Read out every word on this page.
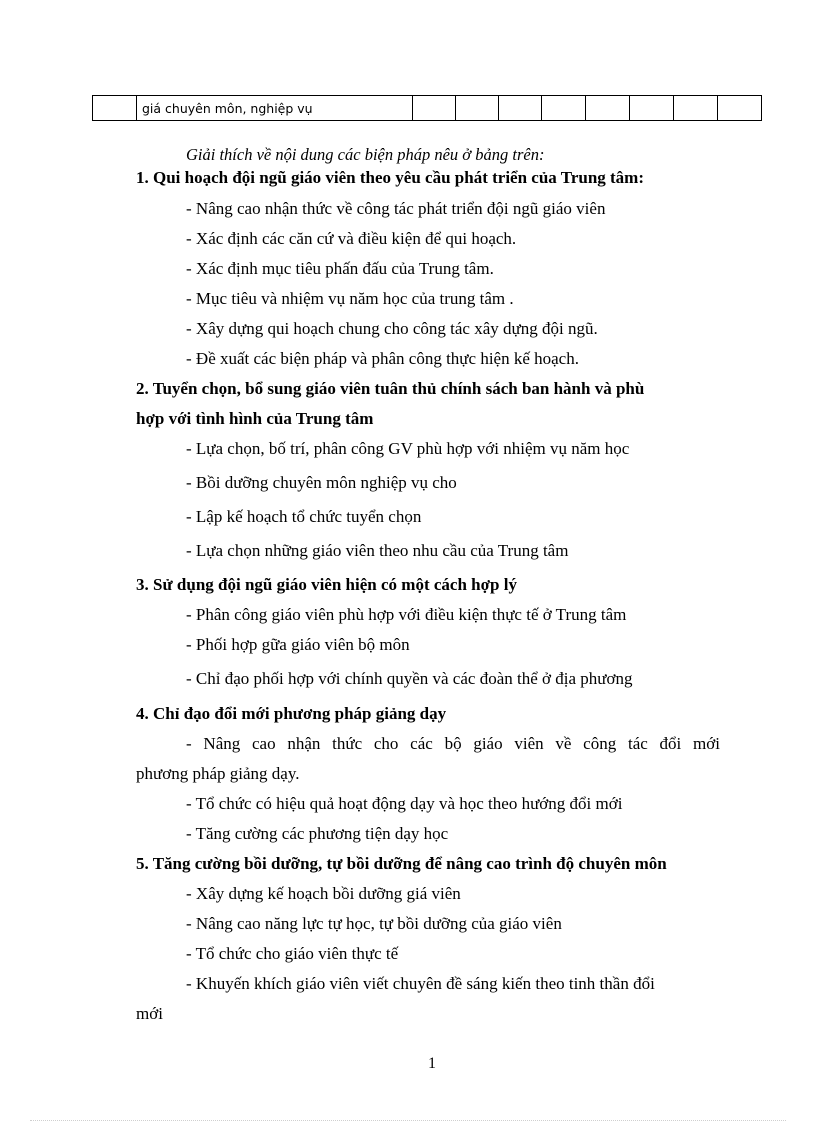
	giá chuyên môn, nghiệp vụ								
Giải thích về nội dung các biện pháp nêu ở bảng trên:
1. Qui hoạch đội ngũ giáo viên theo yêu cầu phát triển của Trung tâm:
- Nâng cao nhận thức về công tác phát triển đội ngũ giáo viên
- Xác định các căn cứ và điều kiện để qui hoạch.
- Xác định mục tiêu phấn đấu của Trung tâm.
- Mục tiêu và nhiệm vụ năm học của trung tâm .
- Xây dựng qui hoạch chung cho công tác xây dựng đội ngũ.
- Đề xuất các biện pháp và phân công thực hiện kế hoạch.
2. Tuyển chọn, bổ sung giáo viên tuân thủ chính sách ban hành và phù
hợp với tình hình của Trung tâm
- Lựa chọn, bố trí, phân công GV phù hợp với nhiệm vụ năm học
- Bồi dưỡng chuyên môn nghiệp vụ cho
- Lập kế hoạch tổ chức tuyển chọn
- Lựa chọn những giáo viên theo nhu cầu của Trung tâm
3. Sử dụng đội ngũ giáo viên hiện có một cách hợp lý
- Phân công giáo viên phù hợp với điều kiện thực tế ở Trung tâm
- Phối hợp gữa giáo viên bộ môn
- Chỉ đạo phối hợp với chính quyền và các đoàn thể ở địa phương
4. Chỉ đạo đổi mới phương pháp giảng dạy
- Nâng cao nhận thức cho các bộ giáo viên về công tác đổi mới
phương pháp giảng dạy.
- Tổ chức có hiệu quả hoạt động dạy và học theo hướng đổi mới
- Tăng cường các phương tiện dạy học
5. Tăng cường bồi dưỡng, tự bồi dưỡng để nâng cao trình độ chuyên môn
- Xây dựng kế hoạch bồi dưỡng giá viên
- Nâng cao năng lực tự học, tự bồi dưỡng của giáo viên
- Tổ chức cho giáo viên thực tế
- Khuyến khích giáo viên viết chuyên đề sáng kiến theo tinh thần đổi
mới
1
